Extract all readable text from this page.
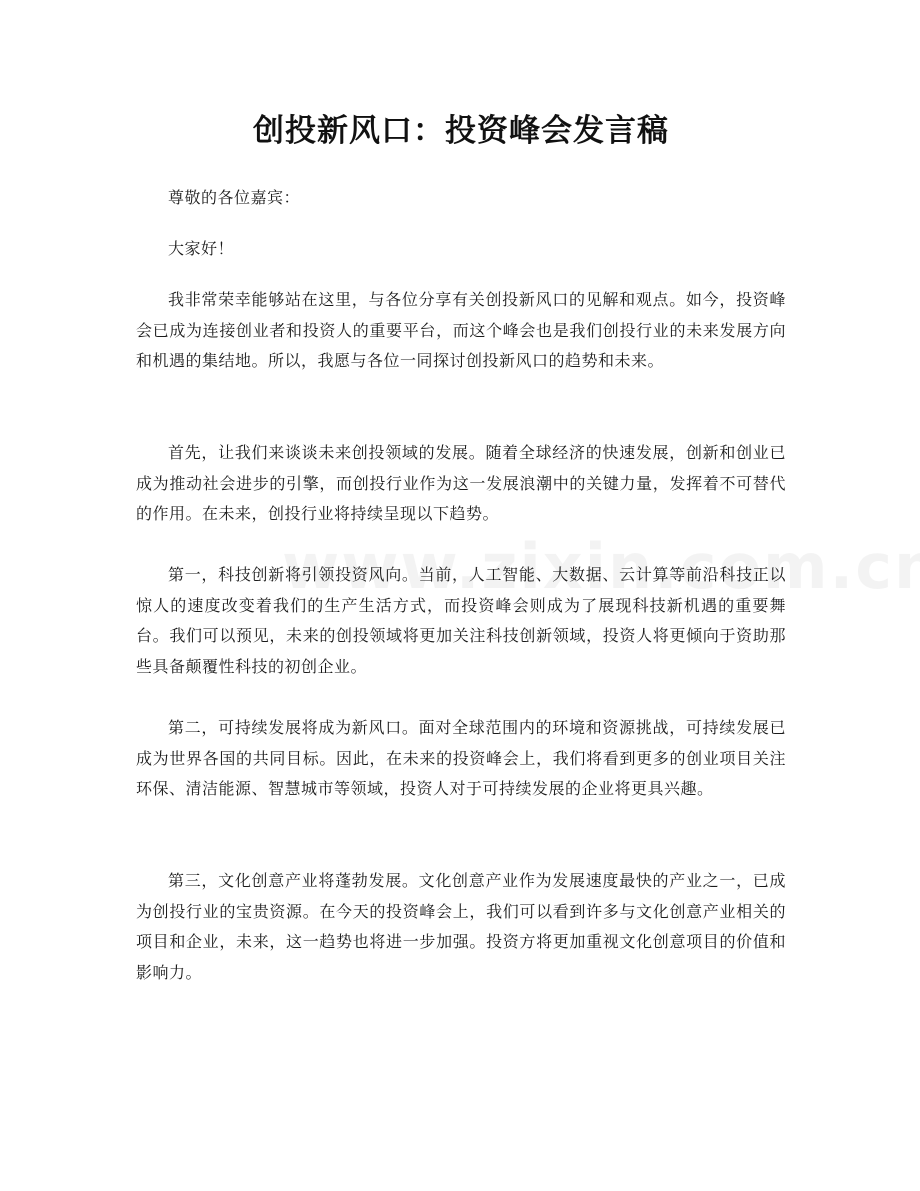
创投新风口：投资峰会发言稿

尊敬的各位嘉宾：

大家好！

我非常荣幸能够站在这里，与各位分享有关创投新风口的见解和观点。如今，投资峰会已成为连接创业者和投资人的重要平台，而这个峰会也是我们创投行业的未来发展方向和机遇的集结地。所以，我愿与各位一同探讨创投新风口的趋势和未来。

首先，让我们来谈谈未来创投领域的发展。随着全球经济的快速发展，创新和创业已成为推动社会进步的引擎，而创投行业作为这一发展浪潮中的关键力量，发挥着不可替代的作用。在未来，创投行业将持续呈现以下趋势。

第一，科技创新将引领投资风向。当前，人工智能、大数据、云计算等前沿科技正以惊人的速度改变着我们的生产生活方式，而投资峰会则成为了展现科技新机遇的重要舞台。我们可以预见，未来的创投领域将更加关注科技创新领域，投资人将更倾向于资助那些具备颠覆性科技的初创企业。

第二，可持续发展将成为新风口。面对全球范围内的环境和资源挑战，可持续发展已成为世界各国的共同目标。因此，在未来的投资峰会上，我们将看到更多的创业项目关注环保、清洁能源、智慧城市等领域，投资人对于可持续发展的企业将更具兴趣。

第三，文化创意产业将蓬勃发展。文化创意产业作为发展速度最快的产业之一，已成为创投行业的宝贵资源。在今天的投资峰会上，我们可以看到许多与文化创意产业相关的项目和企业，未来，这一趋势也将进一步加强。投资方将更加重视文化创意项目的价值和影响力。
